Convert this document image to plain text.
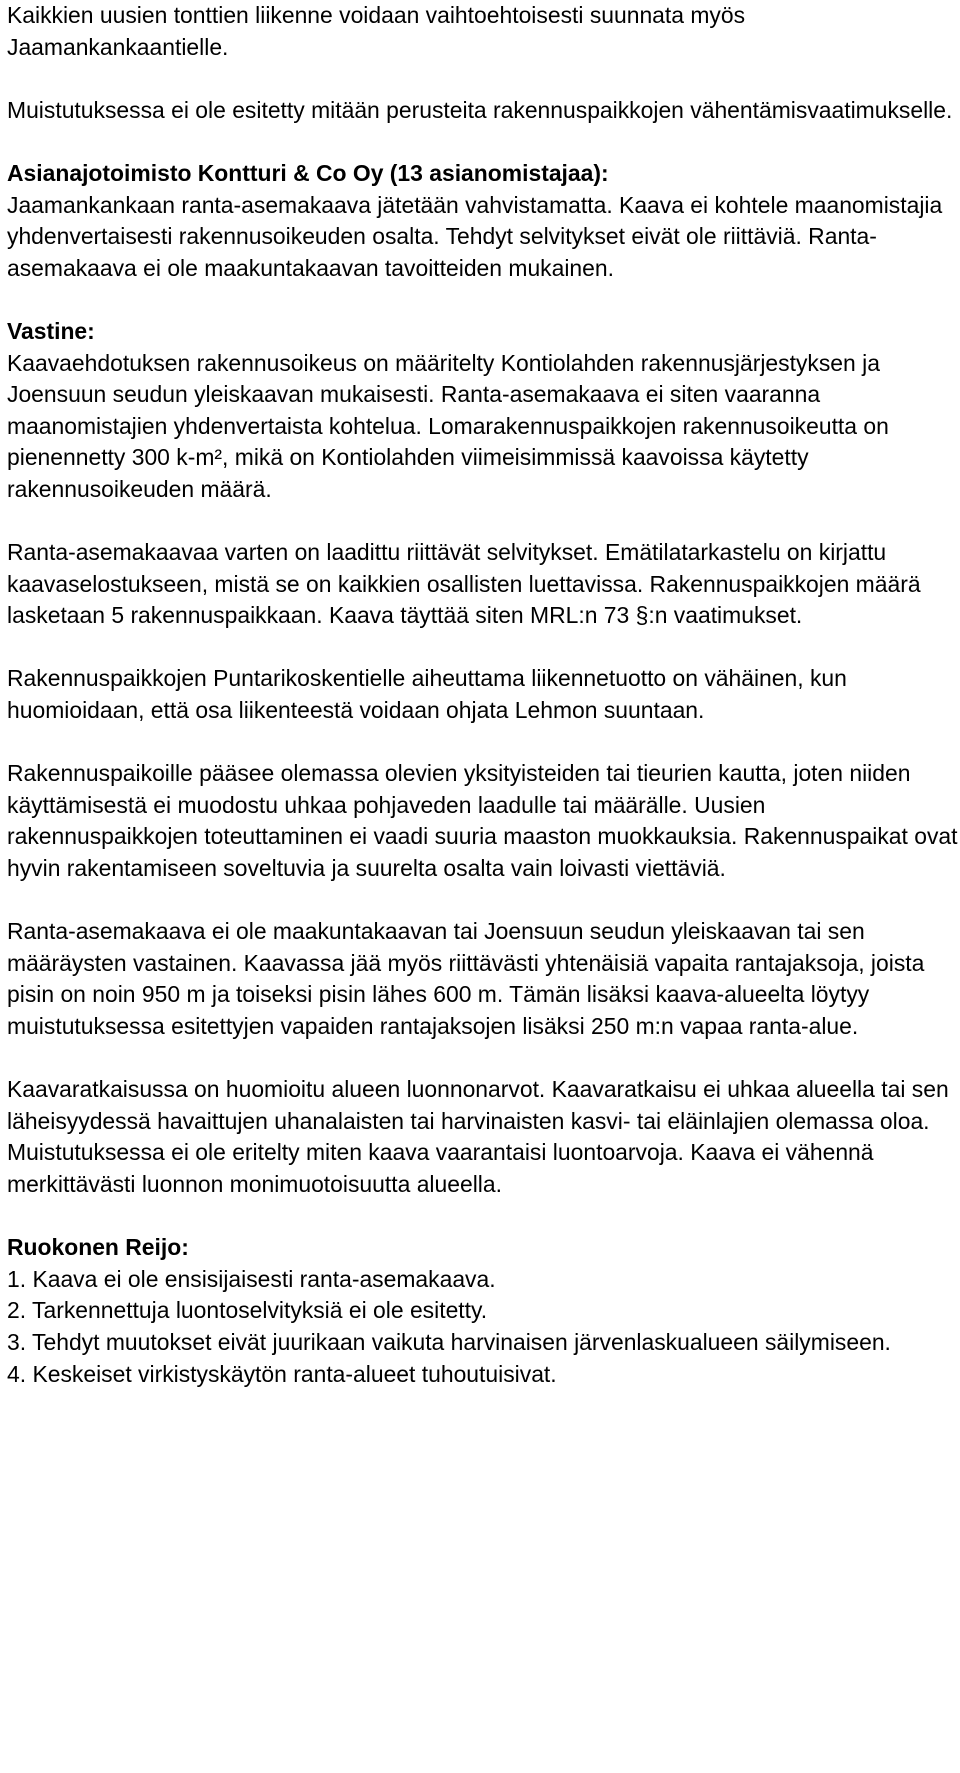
Kaikkien uusien tonttien liikenne voidaan vaihtoehtoisesti suunnata myös Jaamankankaantielle.

Muistutuksessa ei ole esitetty mitään perusteita rakennuspaikkojen vähentämisvaatimukselle.

Asianajotoimisto Kontturi & Co Oy (13 asianomistajaa):

Jaamankankaan ranta-asemakaava jätetään vahvistamatta. Kaava ei kohtele maanomistajia yhdenvertaisesti rakennusoikeuden osalta. Tehdyt selvitykset eivät ole riittäviä. Ranta-asemakaava ei ole maakuntakaavan tavoitteiden mukainen.

Vastine:

Kaavaehdotuksen rakennusoikeus on määritelty Kontiolahden rakennusjärjestyksen ja Joensuun seudun yleiskaavan mukaisesti. Ranta-asemakaava ei siten vaaranna maanomistajien yhdenvertaista kohtelua. Lomarakennuspaikkojen rakennusoikeutta on pienennetty 300 k-m², mikä on Kontiolahden viimeisimmissä kaavoissa käytetty rakennusoikeuden määrä.

Ranta-asemakaavaa varten on laadittu riittävät selvitykset. Emätilatarkastelu on kirjattu kaavaselostukseen, mistä se on kaikkien osallisten luettavissa. Rakennuspaikkojen määrä lasketaan 5 rakennuspaikkaan. Kaava täyttää siten MRL:n 73 §:n vaatimukset.

Rakennuspaikkojen Puntarikoskentielle aiheuttama liikennetuotto on vähäinen, kun huomioidaan, että osa liikenteestä voidaan ohjata Lehmon suuntaan.

Rakennuspaikoille pääsee olemassa olevien yksityisteiden tai tieurien kautta, joten niiden käyttämisestä ei muodostu uhkaa pohjaveden laadulle tai määrälle. Uusien rakennuspaikkojen toteuttaminen ei vaadi suuria maaston muokkauksia. Rakennuspaikat ovat hyvin rakentamiseen soveltuvia ja suurelta osalta vain loivasti viettäviä.

Ranta-asemakaava ei ole maakuntakaavan tai Joensuun seudun yleiskaavan tai sen määräysten vastainen. Kaavassa jää myös riittävästi yhtenäisiä vapaita rantajaksoja, joista pisin on noin 950 m ja toiseksi pisin lähes 600 m. Tämän lisäksi kaava-alueelta löytyy muistutuksessa esitettyjen vapaiden rantajaksojen lisäksi 250 m:n vapaa ranta-alue.

Kaavaratkaisussa on huomioitu alueen luonnonarvot. Kaavaratkaisu ei uhkaa alueella tai sen läheisyydessä havaittujen uhanalaisten tai harvinaisten kasvi- tai eläinlajien olemassa oloa. Muistutuksessa ei ole eritelty miten kaava vaarantaisi luontoarvoja. Kaava ei vähennä merkittävästi luonnon monimuotoisuutta alueella.

Ruokonen Reijo:

1. Kaava ei ole ensisijaisesti ranta-asemakaava.
2. Tarkennettuja luontoselvityksiä ei ole esitetty.
3. Tehdyt muutokset eivät juurikaan vaikuta harvinaisen järvenlaskualueen säilymiseen.
4. Keskeiset virkistyskäytön ranta-alueet tuhoutuisivat.
